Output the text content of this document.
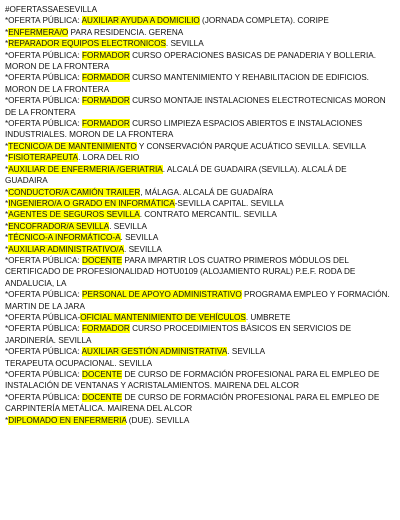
#OFERTASSAESEVILLA

*OFERTA PÚBLICA: AUXILIAR AYUDA A DOMICILIO (JORNADA COMPLETA). CORIPE

*ENFERMERA/O PARA RESIDENCIA. GERENA

*REPARADOR EQUIPOS ELECTRONICOS. SEVILLA

*OFERTA PÚBLICA: FORMADOR CURSO OPERACIONES BASICAS DE PANADERIA Y BOLLERIA. MORON DE LA FRONTERA

*OFERTA PÚBLICA: FORMADOR CURSO MANTENIMIENTO Y REHABILITACION DE EDIFICIOS. MORON DE LA FRONTERA

*OFERTA PÚBLICA: FORMADOR CURSO MONTAJE INSTALACIONES ELECTROTECNICAS MORON DE LA FRONTERA

*OFERTA PÚBLICA: FORMADOR CURSO LIMPIEZA ESPACIOS ABIERTOS E INSTALACIONES INDUSTRIALES. MORON DE LA FRONTERA

*TECNICO/A DE MANTENIMIENTO Y CONSERVACIÓN PARQUE ACUÁTICO SEVILLA. SEVILLA

*FISIOTERAPEUTA. LORA DEL RIO

*AUXILIAR DE ENFERMERIA /GERIATRIA. ALCALÁ DE GUADAIRA (SEVILLA). ALCALÁ DE GUADAIRA

*CONDUCTOR/A CAMIÓN TRAILER, MÁLAGA. ALCALÁ DE GUADAÍRA

*INGENIERO/A O GRADO EN INFORMÁTICA-SEVILLA CAPITAL. SEVILLA

*AGENTES DE SEGUROS SEVILLA. CONTRATO MERCANTIL. SEVILLA

*ENCOFRADOR/A SEVILLA. SEVILLA

*TÉCNICO-A INFORMÁTICO-A. SEVILLA

*AUXILIAR ADMINISTRATIVO/A. SEVILLA

*OFERTA PÚBLICA: DOCENTE PARA IMPARTIR LOS CUATRO PRIMEROS MÓDULOS DEL CERTIFICADO DE PROFESIONALIDAD HOTU0109 (ALOJAMIENTO RURAL) P.E.F. RODA DE ANDALUCIA, LA

*OFERTA PÚBLICA: PERSONAL DE APOYO ADMINISTRATIVO PROGRAMA EMPLEO Y FORMACIÓN. MARTIN DE LA JARA

*OFERTA PÚBLICA-OFICIAL MANTENIMIENTO DE VEHÍCULOS. UMBRETE

*OFERTA PÚBLICA: FORMADOR CURSO PROCEDIMIENTOS BÁSICOS EN SERVICIOS DE JARDINERÍA. SEVILLA

*OFERTA PÚBLICA: AUXILIAR GESTIÓN ADMINISTRATIVA. SEVILLA

TERAPEUTA OCUPACIONAL. SEVILLA

*OFERTA PÚBLICA: DOCENTE DE CURSO DE FORMACIÓN PROFESIONAL PARA EL EMPLEO DE INSTALACIÓN DE VENTANAS Y ACRISTALAMIENTOS. MAIRENA DEL ALCOR

*OFERTA PÚBLICA: DOCENTE DE CURSO DE FORMACIÓN PROFESIONAL PARA EL EMPLEO DE CARPINTERÍA METÁLICA. MAIRENA DEL ALCOR

*DIPLOMADO EN ENFERMERIA (DUE). SEVILLA
